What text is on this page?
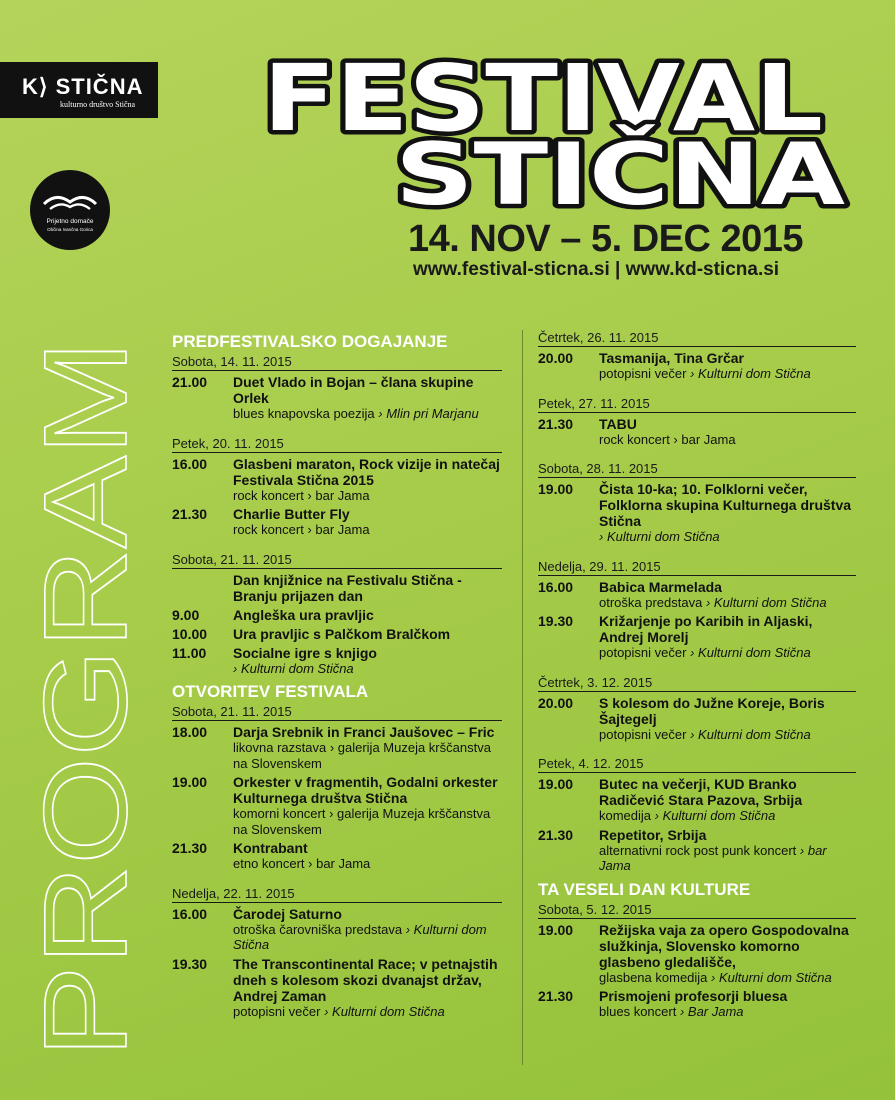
K⟩ STIČNA
kulturno društvo Stična
Prijetno domače
Občina Ivančna Gorica
FESTIVAL
STIČNA
14. NOV – 5. DEC 2015
www.festival-sticna.si | www.kd-sticna.si
PROGRAM
PREDFESTIVALSKO DOGAJANJE
Sobota, 14. 11. 2015
21.00	Duet Vlado in Bojan – člana skupine Orlek
blues knapovska poezija › Mlin pri Marjanu
Petek, 20. 11. 2015
16.00	Glasbeni maraton, Rock vizije in natečaj Festivala Stična 2015
rock koncert › bar Jama
21.30	Charlie Butter Fly
rock koncert › bar Jama
Sobota, 21. 11. 2015
Dan knjižnice na Festivalu Stična - Branju prijazen dan
9.00	Angleška ura pravljic
10.00	Ura pravljic s Palčkom Bralčkom
11.00	Socialne igre s knjigo
› Kulturni dom Stična
OTVORITEV FESTIVALA
Sobota, 21. 11. 2015
18.00	Darja Srebnik in Franci Jaušovec – Fric
likovna razstava › galerija Muzeja krščanstva na Slovenskem
19.00	Orkester v fragmentih, Godalni orkester Kulturnega društva Stična
komorni koncert › galerija Muzeja krščanstva na Slovenskem
21.30	Kontrabant
etno koncert › bar Jama
Nedelja, 22. 11. 2015
16.00	Čarodej Saturno
otroška čarovniška predstava › Kulturni dom Stična
19.30	The Transcontinental Race; v petnajstih dneh s kolesom skozi dvanajst držav, Andrej Zaman
potopisni večer › Kulturni dom Stična
Četrtek, 26. 11. 2015
20.00	Tasmanija, Tina Grčar
potopisni večer › Kulturni dom Stična
Petek, 27. 11. 2015
21.30	TABU
rock koncert › bar Jama
Sobota, 28. 11. 2015
19.00	Čista 10-ka; 10. Folklorni večer, Folklorna skupina Kulturnega društva Stična
› Kulturni dom Stična
Nedelja, 29. 11. 2015
16.00	Babica Marmelada
otroška predstava › Kulturni dom Stična
19.30	Križarjenje po Karibih in Aljaski, Andrej Morelj
potopisni večer › Kulturni dom Stična
Četrtek, 3. 12. 2015
20.00	S kolesom do Južne Koreje, Boris Šajtegelj
potopisni večer › Kulturni dom Stična
Petek, 4. 12. 2015
19.00	Butec na večerji, KUD Branko Radičević Stara Pazova, Srbija
komedija › Kulturni dom Stična
21.30	Repetitor, Srbija
alternativni rock post punk koncert › bar Jama
TA VESELI DAN KULTURE
Sobota, 5. 12. 2015
19.00	Režijska vaja za opero Gospodovalna služkinja, Slovensko komorno glasbeno gledališče,
glasbena komedija › Kulturni dom Stična
21.30	Prismojeni profesorji bluesa
blues koncert › Bar Jama
